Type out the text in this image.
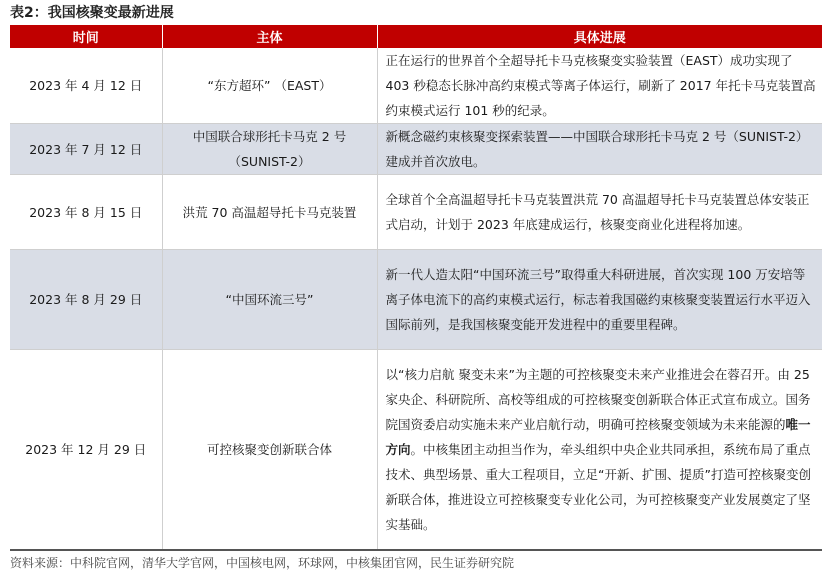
表2：我国核聚变最新进展
时间	主体	具体进展
2023 年 4 月 12 日	“东方超环” （EAST）	正在运行的世界首个全超导托卡马克核聚变实验装置（EAST）成功实现了 403 秒稳态长脉冲高约束模式等离子体运行，刷新了 2017 年托卡马克装置高约束模式运行 101 秒的纪录。
2023 年 7 月 12 日	中国联合球形托卡马克 2 号（SUNIST-2）	新概念磁约束核聚变探索装置——中国联合球形托卡马克 2 号（SUNIST-2）建成并首次放电。
2023 年 8 月 15 日	洪荒 70 高温超导托卡马克装置	全球首个全高温超导托卡马克装置洪荒 70 高温超导托卡马克装置总体安装正式启动，计划于 2023 年底建成运行，核聚变商业化进程将加速。
2023 年 8 月 29 日	“中国环流三号”	新一代人造太阳“中国环流三号”取得重大科研进展，首次实现 100 万安培等离子体电流下的高约束模式运行，标志着我国磁约束核聚变装置运行水平迈入国际前列，是我国核聚变能开发进程中的重要里程碑。
2023 年 12 月 29 日	可控核聚变创新联合体	以“核力启航 聚变未来”为主题的可控核聚变未来产业推进会在蓉召开。由 25 家央企、科研院所、高校等组成的可控核聚变创新联合体正式宣布成立。国务院国资委启动实施未来产业启航行动，明确可控核聚变领域为未来能源的唯一方向。中核集团主动担当作为，牵头组织中央企业共同承担，系统布局了重点技术、典型场景、重大工程项目，立足“开新、扩围、提质”打造可控核聚变创新联合体，推进设立可控核聚变专业化公司，为可控核聚变产业发展奠定了坚实基础。
资料来源：中科院官网，清华大学官网，中国核电网，环球网，中核集团官网，民生证券研究院
